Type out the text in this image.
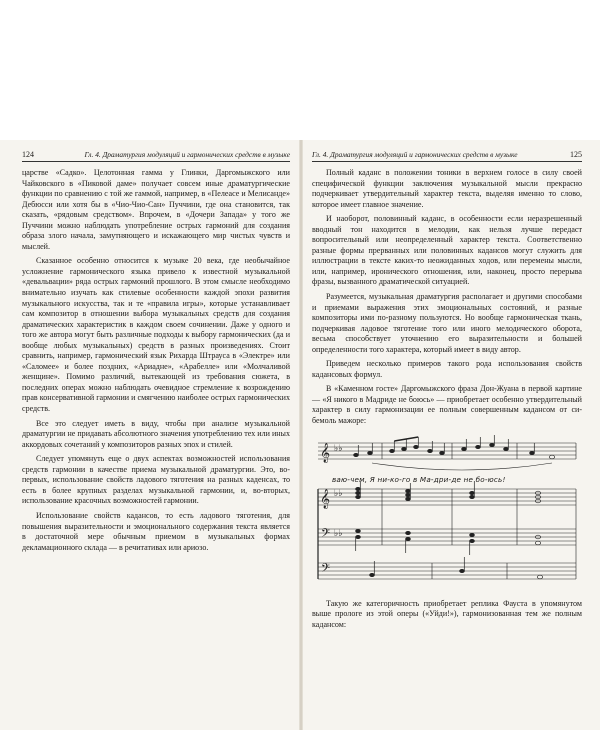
124	Гл. 4. Драматургия модуляций и гармонических средств в музыке

царстве «Садко». Целотонная гамма у Глинки, Даргомыжского или Чайковского в «Пиковой даме» получает совсем иные драматургические функции по сравнению с той же гаммой, например, в «Пелеасе и Мелисанде» Дебюсси или хотя бы в «Чио-Чио-Сан» Пуччини, где она становится, так сказать, «рядовым средством». Впрочем, в «Дочери Запада» у того же Пуччини можно наблюдать употребление острых гармоний для создания образа злого начала, замутняющего и искажающего мир чистых чувств и мыслей.

Сказанное особенно относится к музыке 20 века, где необычайное усложнение гармонического языка привело к известной музыкальной «девальвации» ряда острых гармоний прошлого. В этом смысле необходимо внимательно изучать как стилевые особенности каждой эпохи развития музыкального искусства, так и те «правила игры», которые устанавливает сам композитор в отношении выбора музыкальных средств для создания драматических характеристик в каждом своем сочинении. Даже у одного и того же автора могут быть различные подходы к выбору гармонических (да и вообще любых музыкальных) средств в разных произведениях. Стоит сравнить, например, гармонический язык Рихарда Штрауса в «Электре» или «Саломее» и более поздних, «Ариадне», «Арабелле» или «Молчаливой женщине». Помимо различий, вытекающей из требования сюжета, в последних операх можно наблюдать очевидное стремление к возрождению прав консервативной гармонии и смягчению наиболее острых гармонических средств.

Все это следует иметь в виду, чтобы при анализе музыкальной драматургии не придавать абсолютного значения употреблению тех или иных аккордовых сочетаний у композиторов разных эпох и стилей.

Следует упомянуть еще о двух аспектах возможностей использования средств гармонии в качестве приема музыкальной драматургии. Это, во-первых, использование свойств ладового тяготения на разных каденсах, то есть в более крупных разделах музыкальной гармонии, и, во-вторых, использование красочных возможностей гармонии.

Использование свойств кадансов, то есть ладового тяготения, для повышения выразительности и эмоционального содержания текста является в достаточной мере обычным приемом в музыкальных формах декламационного склада — в речитативах или ариозо.

Гл. 4. Драматургия модуляций и гармонических средств в музыке	125

Полный каданс в положении тоники в верхнем голосе в силу своей специфической функции заключения музыкальной мысли прекрасно подчеркивает утвердительный характер текста, выделяя именно то слово, которое имеет главное значение.

И наоборот, половинный каданс, в особенности если неразрешенный вводный тон находится в мелодии, как нельзя лучше передаст вопросительный или неопределенный характер текста. Соответственно разные формы прерванных или половинных кадансов могут служить для иллюстрации в тексте каких-то неожиданных ходов, или перемены мысли, или, например, иронического отношения, или, наконец, просто перерыва фразы, вызванного драматической ситуацией.

Разумеется, музыкальная драматургия располагает и другими способами и приемами выражения этих эмоциональных состояний, и разные композиторы ими по-разному пользуются. Но вообще гармоническая ткань, подчеркивая ладовое тяготение того или иного мелодического оборота, весьма способствует уточнению его выразительности и большей определенности того характера, который имеет в виду автор.

Приведем несколько примеров такого рода использования свойств кадансовых формул.

В «Каменном госте» Даргомыжского фраза Дон-Жуана в первой картине — «Я никого в Мадриде не боюсь» — приобретает особенно утвердительный характер в силу гармонизации ее полным совершенным кадансом от си-бемоль мажоре:

𝄞
𝄞
𝄢
𝄢
♭♭
♭♭
♭♭
ваю-чем, Я ни-ко-го в Ма-дри-де не бо-юсь!

Такую же категоричность приобретает реплика Фауста в упомянутом выше прологе из этой оперы («Уйди!»), гармонизованная тем же полным кадансом:
